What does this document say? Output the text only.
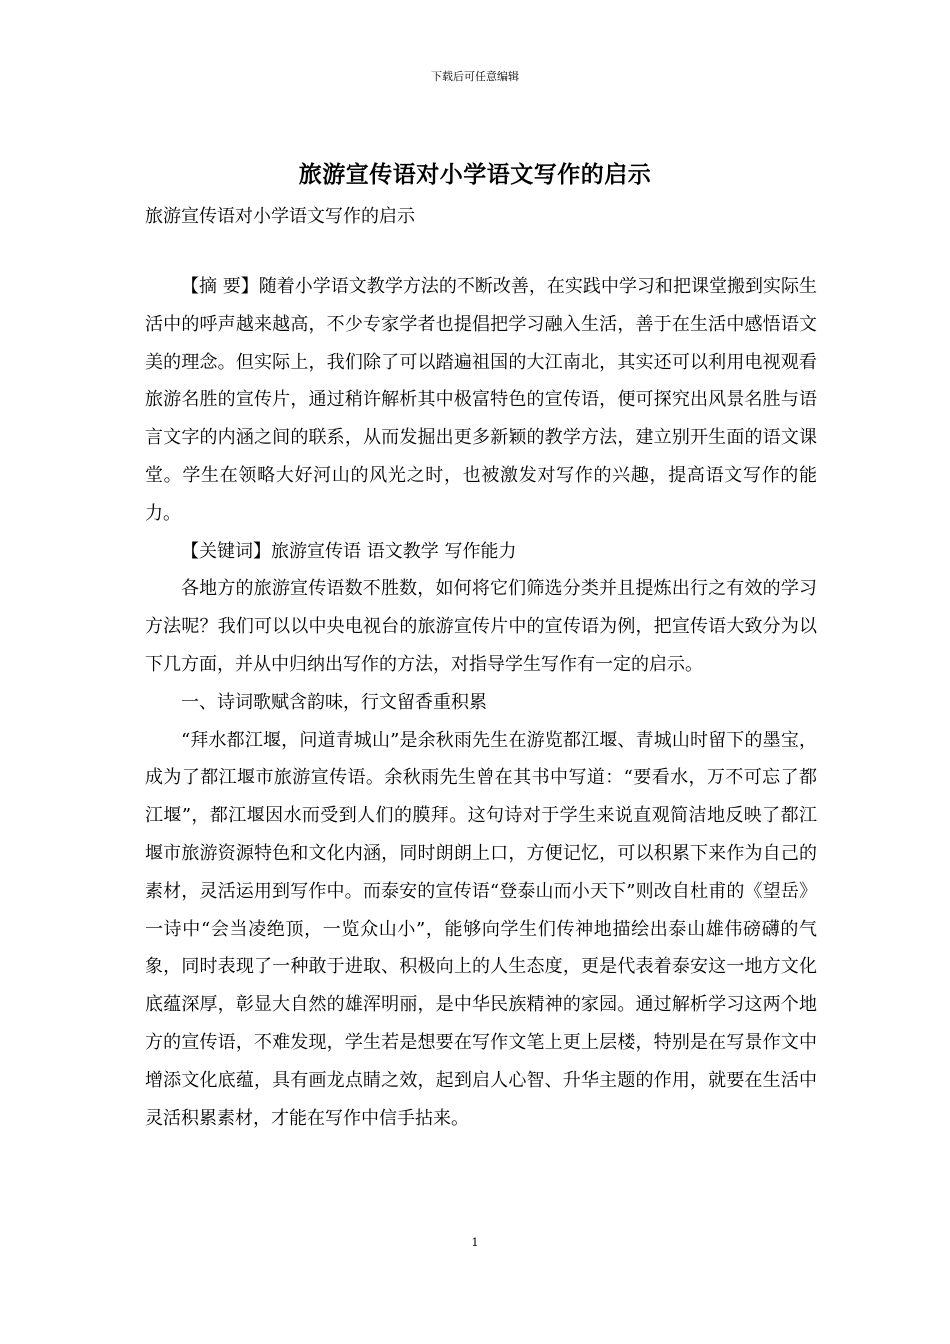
下载后可任意编辑
旅游宣传语对小学语文写作的启示
旅游宣传语对小学语文写作的启示

【摘 要】随着小学语文教学方法的不断改善，在实践中学习和把课堂搬到实际生活中的呼声越来越高，不少专家学者也提倡把学习融入生活，善于在生活中感悟语文美的理念。但实际上，我们除了可以踏遍祖国的大江南北，其实还可以利用电视观看旅游名胜的宣传片，通过稍许解析其中极富特色的宣传语，便可探究出风景名胜与语言文字的内涵之间的联系，从而发掘出更多新颖的教学方法，建立别开生面的语文课堂。学生在领略大好河山的风光之时，也被激发对写作的兴趣，提高语文写作的能力。

【关键词】旅游宣传语 语文教学 写作能力

各地方的旅游宣传语数不胜数，如何将它们筛选分类并且提炼出行之有效的学习方法呢？我们可以以中央电视台的旅游宣传片中的宣传语为例，把宣传语大致分为以下几方面，并从中归纳出写作的方法，对指导学生写作有一定的启示。

一、诗词歌赋含韵味，行文留香重积累

“拜水都江堰，问道青城山”是余秋雨先生在游览都江堰、青城山时留下的墨宝，成为了都江堰市旅游宣传语。余秋雨先生曾在其书中写道：“要看水，万不可忘了都江堰”，都江堰因水而受到人们的膜拜。这句诗对于学生来说直观简洁地反映了都江堰市旅游资源特色和文化内涵，同时朗朗上口，方便记忆，可以积累下来作为自己的素材，灵活运用到写作中。而泰安的宣传语“登泰山而小天下”则改自杜甫的《望岳》一诗中“会当凌绝顶，一览众山小”，能够向学生们传神地描绘出泰山雄伟磅礴的气象，同时表现了一种敢于进取、积极向上的人生态度，更是代表着泰安这一地方文化底蕴深厚，彰显大自然的雄浑明丽，是中华民族精神的家园。通过解析学习这两个地方的宣传语，不难发现，学生若是想要在写作文笔上更上层楼，特别是在写景作文中增添文化底蕴，具有画龙点睛之效，起到启人心智、升华主题的作用，就要在生活中灵活积累素材，才能在写作中信手拈来。

1
